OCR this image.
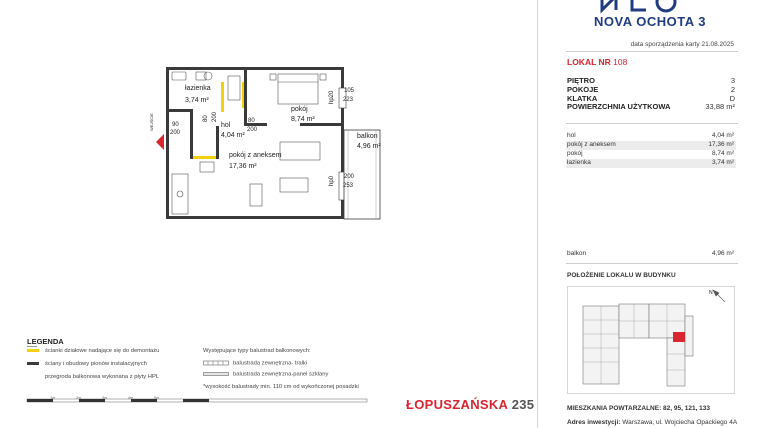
NOVA OCHOTA 3
data sporządzenia karty 21.08.2025
LOKAL NR 108
PIĘTRO	3
POKOJE	2
KLATKA	D
POWIERZCHNIA UŻYTKOWA	33,88 m²
hol	4,04 m²
pokój z aneksem	17,36 m²
pokój	8,74 m²
łazienka	3,74 m²
balkon	4,96 m²
POŁOŻENIE LOKALU W BUDYNKU
N
MIESZKANIA POWTARZALNE: 82, 95, 121, 133
Adres inwestycji: Warszawa, ul. Wojciecha Opackiego 4A
WEJŚCIE
łazienka
3,74 m²
pokój
8,74 m²
hol
4,04 m²
pokój z aneksem
17,36 m²
balkon
4,96 m²
90
200
80
200
105
223
200
253
80 200
hp20
hp0
LEGENDA
ścianki działowe nadające się do demontażu
ściany i obudowy pionów instalacyjnych
przegroda balkonowa wykonana z płyty HPL
Występujące typy balustrad balkonowych:
balustrada zewnętrzna- tralki
balustrada zewnętrzna-panel szklany
*wysokość balustrady min. 110 cm od wykończonej posadzki
1m	2m	3m	4m	5m	ŁOPUSZAŃSKA 235
